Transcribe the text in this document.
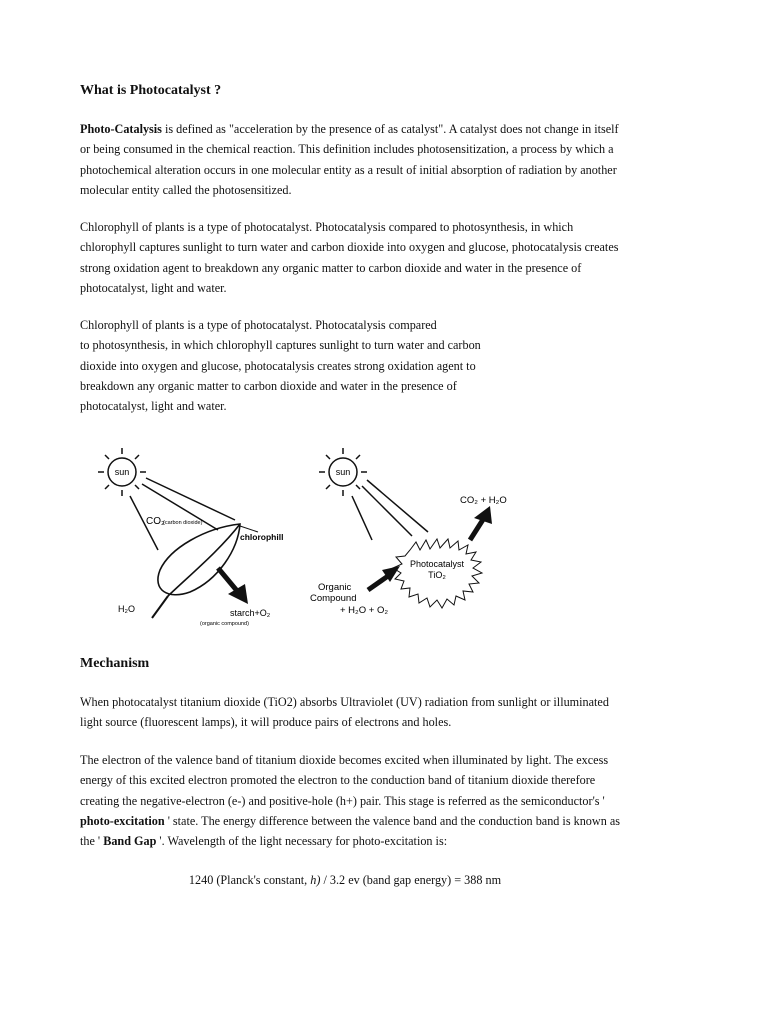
What is Photocatalyst ?

Photo-Catalysis is defined as "acceleration by the presence of as catalyst". A catalyst does not change in itself
or being consumed in the chemical reaction. This definition includes photosensitization, a process by which a
photochemical alteration occurs in one molecular entity as a result of initial absorption of radiation by another
molecular entity called the photosensitized.

Chlorophyll of plants is a type of photocatalyst. Photocatalysis compared to photosynthesis, in which
chlorophyll captures sunlight to turn water and carbon dioxide into oxygen and glucose, photocatalysis creates
strong oxidation agent to breakdown any organic matter to carbon dioxide and water in the presence of
photocatalyst, light and water.

Chlorophyll of plants is a type of photocatalyst. Photocatalysis compared
to photosynthesis, in which chlorophyll captures sunlight to turn water and carbon
dioxide into oxygen and glucose, photocatalysis creates strong oxidation agent to
breakdown any organic matter to carbon dioxide and water in the presence of
photocatalyst, light and water.

Mechanism

When photocatalyst titanium dioxide (TiO2) absorbs Ultraviolet (UV) radiation from sunlight or illuminated
light source (fluorescent lamps), it will produce pairs of electrons and holes.

The electron of the valence band of titanium dioxide becomes excited when illuminated by light. The excess
energy of this excited electron promoted the electron to the conduction band of titanium dioxide therefore
creating the negative-electron (e-) and positive-hole (h+) pair. This stage is referred as the semiconductor's '
photo-excitation ' state. The energy difference between the valence band and the conduction band is known as
the ' Band Gap '. Wavelength of the light necessary for photo-excitation is:

1240 (Planck's constant, h) / 3.2 ev (band gap energy) = 388 nm

sun
CO₂
(carbon dioxide)
chlorophill
H₂O	starch+O₂
(organic compound)
sun
CO₂ + H₂O
Photocatalyst
TiO₂
Organic
Compound
+ H₂O + O₂
